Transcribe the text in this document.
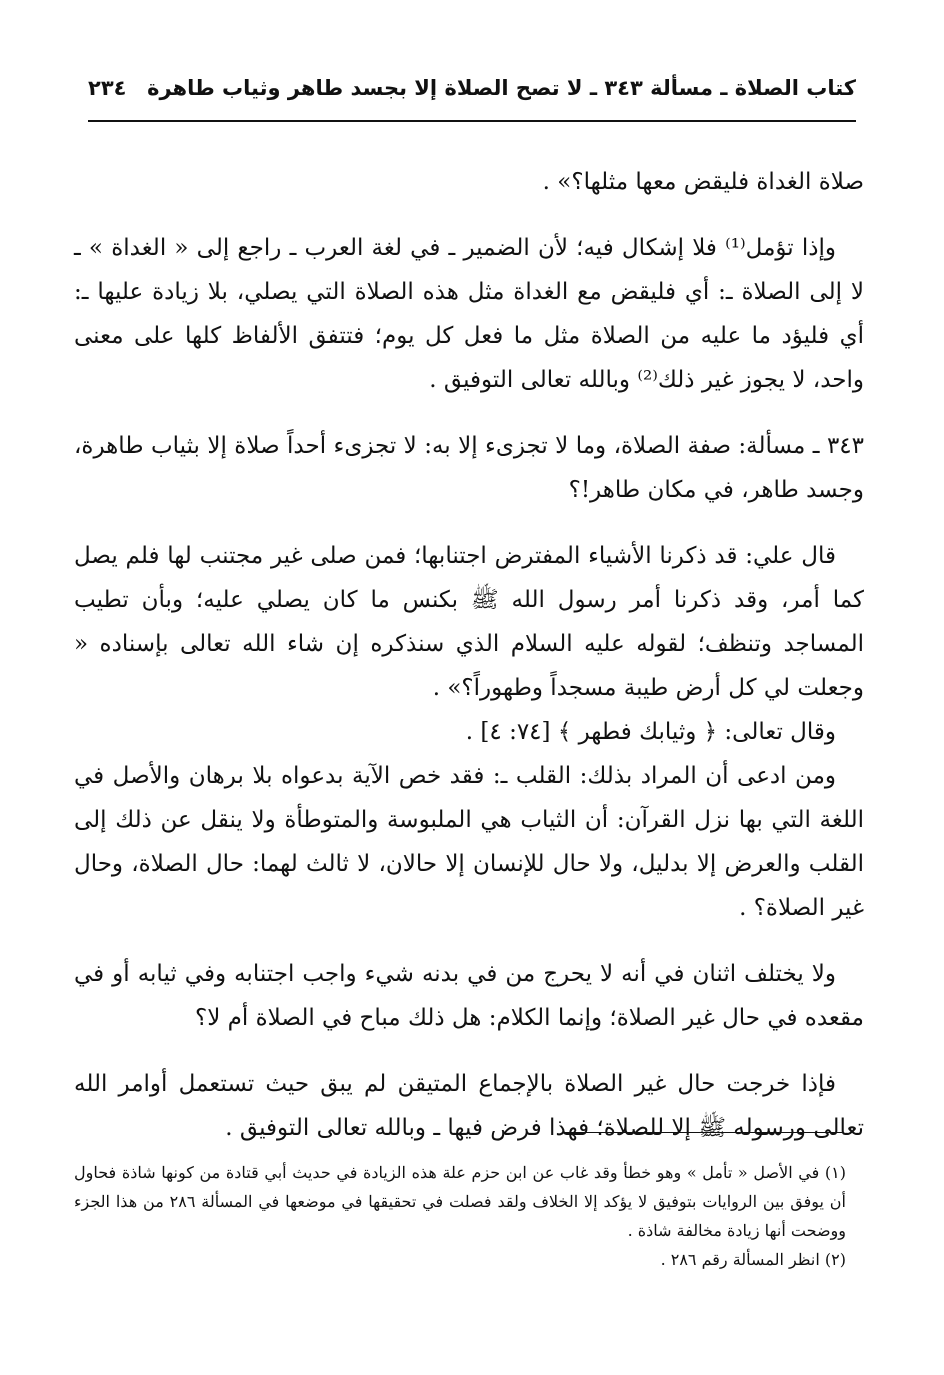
كتاب الصلاة ـ مسألة ٣٤٣ ـ لا تصح الصلاة إلا بجسد طاهر وثياب طاهرة
٢٣٤

صلاة الغداة فليقض معها مثلها؟» .

وإذا تؤمل⁽¹⁾ فلا إشكال فيه؛ لأن الضمير ـ في لغة العرب ـ راجع إلى « الغداة » ـ لا إلى الصلاة ـ: أي فليقض مع الغداة مثل هذه الصلاة التي يصلي، بلا زيادة عليها ـ: أي فليؤد ما عليه من الصلاة مثل ما فعل كل يوم؛ فتتفق الألفاظ كلها على معنى واحد، لا يجوز غير ذلك⁽²⁾ وبالله تعالى التوفيق .

٣٤٣ ـ مسألة: صفة الصلاة، وما لا تجزىء إلا به: لا تجزىء أحداً صلاة إلا بثياب طاهرة، وجسد طاهر، في مكان طاهر!؟

قال علي: قد ذكرنا الأشياء المفترض اجتنابها؛ فمن صلى غير مجتنب لها فلم يصل كما أمر، وقد ذكرنا أمر رسول الله ﷺ بكنس ما كان يصلي عليه؛ وبأن تطيب المساجد وتنظف؛ لقوله عليه السلام الذي سنذكره إن شاء الله تعالى بإسناده « وجعلت لي كل أرض طيبة مسجداً وطهوراً؟» .

وقال تعالى: ﴿ وثيابك فطهر ﴾ [٧٤: ٤] .

ومن ادعى أن المراد بذلك: القلب ـ: فقد خص الآية بدعواه بلا برهان والأصل في اللغة التي بها نزل القرآن: أن الثياب هي الملبوسة والمتوطأة ولا ينقل عن ذلك إلى القلب والعرض إلا بدليل، ولا حال للإنسان إلا حالان، لا ثالث لهما: حال الصلاة، وحال غير الصلاة؟ .

ولا يختلف اثنان في أنه لا يحرج من في بدنه شيء واجب اجتنابه وفي ثيابه أو في مقعده في حال غير الصلاة؛ وإنما الكلام: هل ذلك مباح في الصلاة أم لا؟

فإذا خرجت حال غير الصلاة بالإجماع المتيقن لم يبق حيث تستعمل أوامر الله تعالى ورسوله ﷺ إلا للصلاة؛ فهذا فرض فيها ـ وبالله تعالى التوفيق .

(١) في الأصل « تأمل » وهو خطأ وقد غاب عن ابن حزم علة هذه الزيادة في حديث أبي قتادة من كونها شاذة فحاول أن يوفق بين الروايات بتوفيق لا يؤكد إلا الخلاف ولقد فصلت في تحقيقها في موضعها في المسألة ٢٨٦ من هذا الجزء ووضحت أنها زيادة مخالفة شاذة .

(٢) انظر المسألة رقم ٢٨٦ .
